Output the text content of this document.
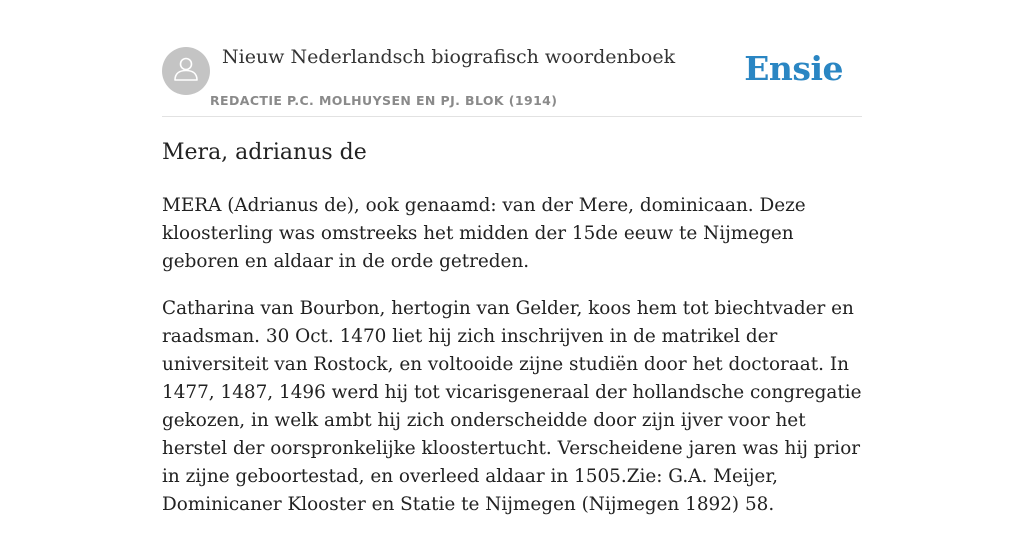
Nieuw Nederlandsch biografisch woordenboek
REDACTIE P.C. MOLHUYSEN EN PJ. BLOK (1914)
Ensie
Mera, adrianus de

MERA (Adrianus de), ook genaamd: van der Mere, dominicaan. Deze kloosterling was omstreeks het midden der 15de eeuw te Nijmegen geboren en aldaar in de orde getreden.

Catharina van Bourbon, hertogin van Gelder, koos hem tot biechtvader en raadsman. 30 Oct. 1470 liet hij zich inschrijven in de matrikel der universiteit van Rostock, en voltooide zijne studiën door het doctoraat. In 1477, 1487, 1496 werd hij tot vicarisgeneraal der hollandsche congregatie gekozen, in welk ambt hij zich onderscheidde door zijn ijver voor het herstel der oorspronkelijke kloostertucht. Verscheidene jaren was hij prior in zijne geboortestad, en overleed aldaar in 1505.Zie: G.A. Meijer, Dominicaner Klooster en Statie te Nijmegen (Nijmegen 1892) 58.
